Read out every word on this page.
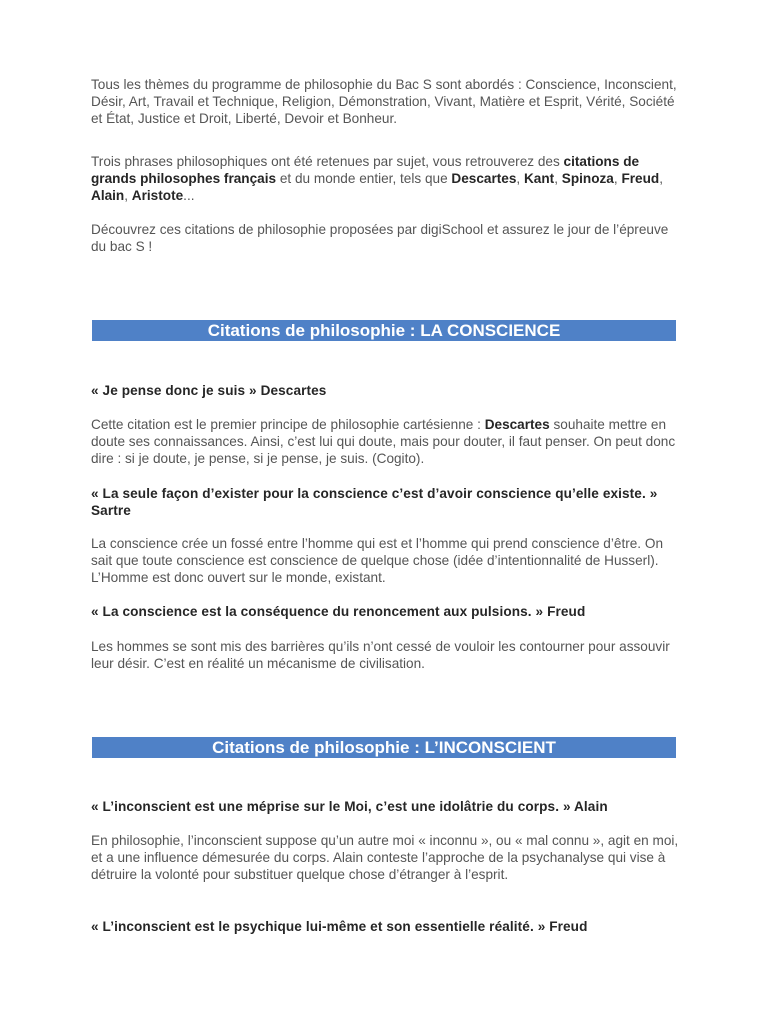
Tous les thèmes du programme de philosophie du Bac S sont abordés : Conscience, Inconscient, Désir, Art, Travail et Technique, Religion, Démonstration, Vivant, Matière et Esprit, Vérité, Société et État, Justice et Droit, Liberté, Devoir et Bonheur.

Trois phrases philosophiques ont été retenues par sujet, vous retrouverez des citations de grands philosophes français et du monde entier, tels que Descartes, Kant, Spinoza, Freud, Alain, Aristote...

Découvrez ces citations de philosophie proposées par digiSchool et assurez le jour de l’épreuve du bac S !

Citations de philosophie : LA CONSCIENCE
« Je pense donc je suis » Descartes

Cette citation est le premier principe de philosophie cartésienne : Descartes souhaite mettre en doute ses connaissances. Ainsi, c’est lui qui doute, mais pour douter, il faut penser. On peut donc dire : si je doute, je pense, si je pense, je suis. (Cogito).

« La seule façon d’exister pour la conscience c’est d’avoir conscience qu’elle existe. » Sartre

La conscience crée un fossé entre l’homme qui est et l’homme qui prend conscience d’être. On sait que toute conscience est conscience de quelque chose (idée d’intentionnalité de Husserl). L’Homme est donc ouvert sur le monde, existant.

« La conscience est la conséquence du renoncement aux pulsions. » Freud

Les hommes se sont mis des barrières qu’ils n’ont cessé de vouloir les contourner pour assouvir leur désir. C’est en réalité un mécanisme de civilisation.

Citations de philosophie : L’INCONSCIENT
« L’inconscient est une méprise sur le Moi, c’est une idolâtrie du corps. » Alain

En philosophie, l’inconscient suppose qu’un autre moi « inconnu », ou « mal connu », agit en moi, et a une influence démesurée du corps. Alain conteste l’approche de la psychanalyse qui vise à détruire la volonté pour substituer quelque chose d’étranger à l’esprit.

« L’inconscient est le psychique lui-même et son essentielle réalité. » Freud
